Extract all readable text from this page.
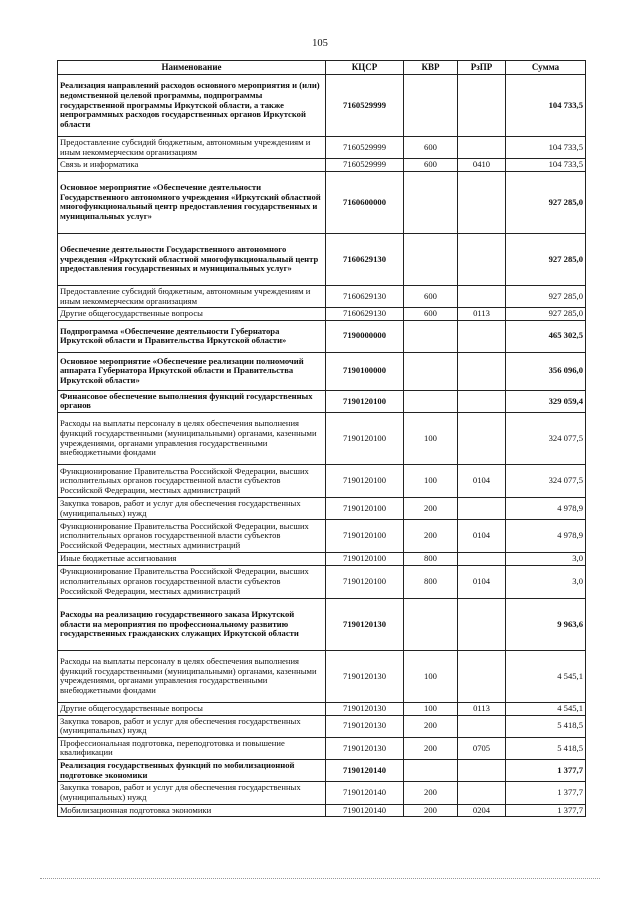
105
Наименование	КЦСР	КВР	РзПР	Сумма
Реализация направлений расходов основного мероприятия и (или) ведомственной целевой программы, подпрограммы государственной программы Иркутской области, а также непрограммных расходов государственных органов Иркутской области	7160529999			104 733,5
Предоставление субсидий бюджетным, автономным учреждениям и иным некоммерческим организациям	7160529999	600		104 733,5
Связь и информатика	7160529999	600	0410	104 733,5
Основное мероприятие «Обеспечение деятельности Государственного автономного учреждения «Иркутский областной многофункциональный центр предоставления государственных и муниципальных услуг»	7160600000			927 285,0
Обеспечение деятельности Государственного автономного учреждения «Иркутский областной многофункциональный центр предоставления государственных и муниципальных услуг»	7160629130			927 285,0
Предоставление субсидий бюджетным, автономным учреждениям и иным некоммерческим организациям	7160629130	600		927 285,0
Другие общегосударственные вопросы	7160629130	600	0113	927 285,0
Подпрограмма «Обеспечение деятельности Губернатора Иркутской области и Правительства Иркутской области»	7190000000			465 302,5
Основное мероприятие «Обеспечение реализации полномочий аппарата Губернатора Иркутской области и Правительства Иркутской области»	7190100000			356 096,0
Финансовое обеспечение выполнения функций государственных органов	7190120100			329 059,4
Расходы на выплаты персоналу в целях обеспечения выполнения функций государственными (муниципальными) органами, казенными учреждениями, органами управления государственными внебюджетными фондами	7190120100	100		324 077,5
Функционирование Правительства Российской Федерации, высших исполнительных органов государственной власти субъектов Российской Федерации, местных администраций	7190120100	100	0104	324 077,5
Закупка товаров, работ и услуг для обеспечения государственных (муниципальных) нужд	7190120100	200		4 978,9
Функционирование Правительства Российской Федерации, высших исполнительных органов государственной власти субъектов Российской Федерации, местных администраций	7190120100	200	0104	4 978,9
Иные бюджетные ассигнования	7190120100	800		3,0
Функционирование Правительства Российской Федерации, высших исполнительных органов государственной власти субъектов Российской Федерации, местных администраций	7190120100	800	0104	3,0
Расходы на реализацию государственного заказа Иркутской области на мероприятия по профессиональному развитию государственных гражданских служащих Иркутской области	7190120130			9 963,6
Расходы на выплаты персоналу в целях обеспечения выполнения функций государственными (муниципальными) органами, казенными учреждениями, органами управления государственными внебюджетными фондами	7190120130	100		4 545,1
Другие общегосударственные вопросы	7190120130	100	0113	4 545,1
Закупка товаров, работ и услуг для обеспечения государственных (муниципальных) нужд	7190120130	200		5 418,5
Профессиональная подготовка, переподготовка и повышение квалификации	7190120130	200	0705	5 418,5
Реализация государственных функций по мобилизационной подготовке экономики	7190120140			1 377,7
Закупка товаров, работ и услуг для обеспечения государственных (муниципальных) нужд	7190120140	200		1 377,7
Мобилизационная подготовка экономики	7190120140	200	0204	1 377,7
